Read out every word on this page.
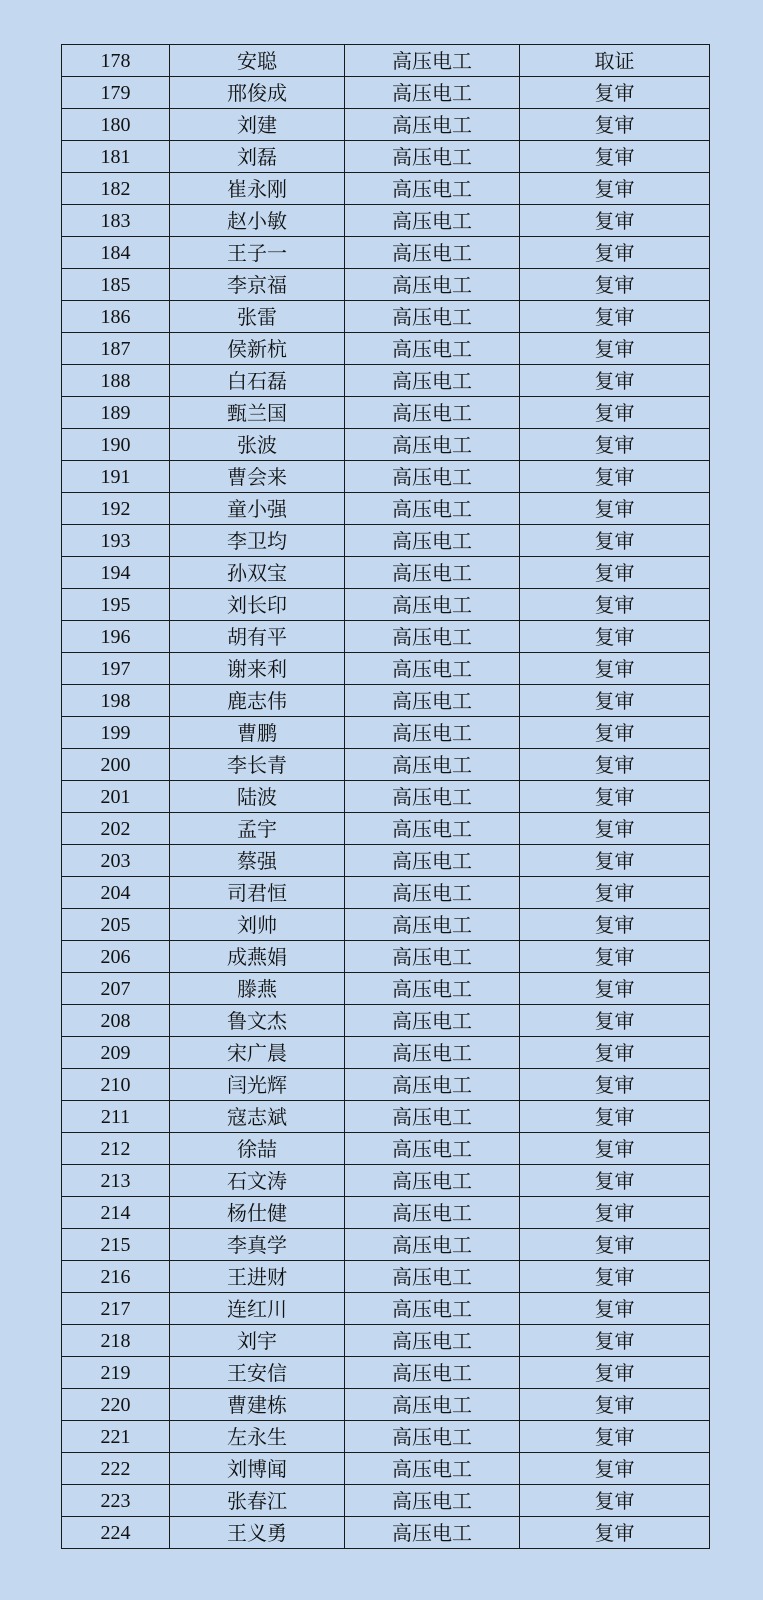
178	安聪	高压电工	取证
179	邢俊成	高压电工	复审
180	刘建	高压电工	复审
181	刘磊	高压电工	复审
182	崔永刚	高压电工	复审
183	赵小敏	高压电工	复审
184	王子一	高压电工	复审
185	李京福	高压电工	复审
186	张雷	高压电工	复审
187	侯新杭	高压电工	复审
188	白石磊	高压电工	复审
189	甄兰国	高压电工	复审
190	张波	高压电工	复审
191	曹会来	高压电工	复审
192	童小强	高压电工	复审
193	李卫均	高压电工	复审
194	孙双宝	高压电工	复审
195	刘长印	高压电工	复审
196	胡有平	高压电工	复审
197	谢来利	高压电工	复审
198	鹿志伟	高压电工	复审
199	曹鹏	高压电工	复审
200	李长青	高压电工	复审
201	陆波	高压电工	复审
202	孟宇	高压电工	复审
203	蔡强	高压电工	复审
204	司君恒	高压电工	复审
205	刘帅	高压电工	复审
206	成燕娟	高压电工	复审
207	滕燕	高压电工	复审
208	鲁文杰	高压电工	复审
209	宋广晨	高压电工	复审
210	闫光辉	高压电工	复审
211	寇志斌	高压电工	复审
212	徐喆	高压电工	复审
213	石文涛	高压电工	复审
214	杨仕健	高压电工	复审
215	李真学	高压电工	复审
216	王进财	高压电工	复审
217	连红川	高压电工	复审
218	刘宇	高压电工	复审
219	王安信	高压电工	复审
220	曹建栋	高压电工	复审
221	左永生	高压电工	复审
222	刘博闻	高压电工	复审
223	张春江	高压电工	复审
224	王义勇	高压电工	复审
